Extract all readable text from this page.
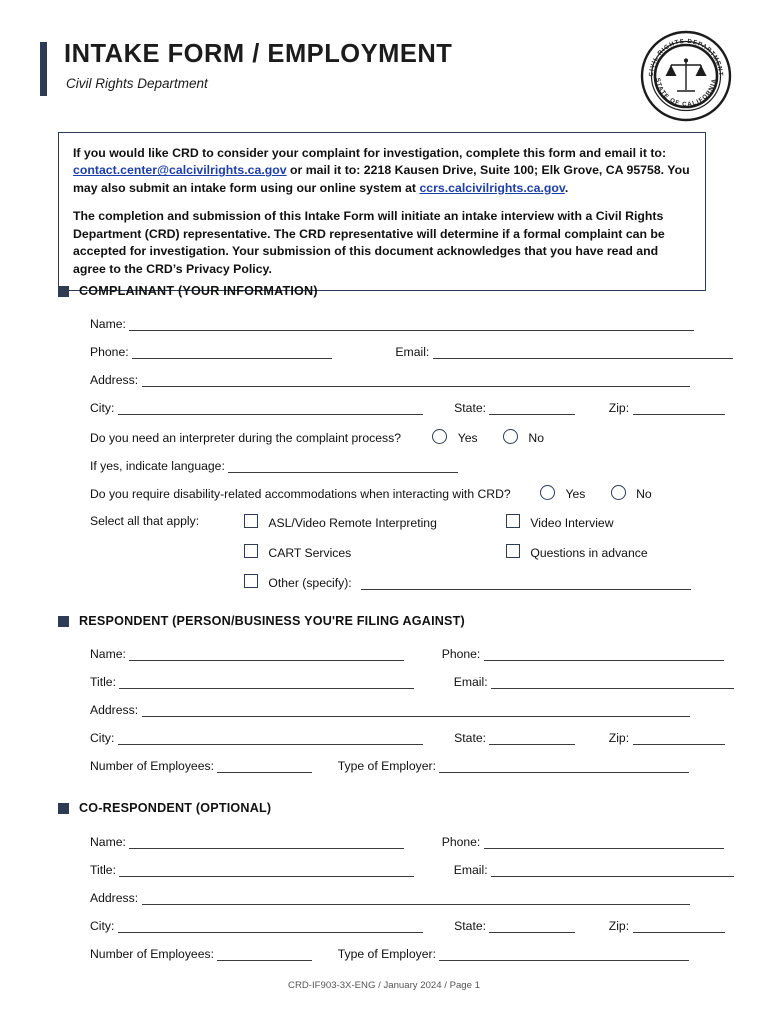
INTAKE FORM / EMPLOYMENT
Civil Rights Department
CIVIL RIGHTS DEPARTMENT
STATE OF CALIFORNIA

If you would like CRD to consider your complaint for investigation, complete this form and email it to: contact.center@calcivilrights.ca.gov or mail it to: 2218 Kausen Drive, Suite 100; Elk Grove, CA 95758. You may also submit an intake form using our online system at ccrs.calcivilrights.ca.gov.

The completion and submission of this Intake Form will initiate an intake interview with a Civil Rights Department (CRD) representative. The CRD representative will determine if a formal complaint can be accepted for investigation. Your submission of this document acknowledges that you have read and agree to the CRD’s Privacy Policy.

COMPLAINANT (YOUR INFORMATION)
Name:
Phone:	Email:
Address:
City:	State:	Zip:
Do you need an interpreter during the complaint process?	Yes	No
If yes, indicate language:
Do you require disability-related accommodations when interacting with CRD?	Yes	No
Select all that apply:	ASL/Video Remote Interpreting	Video Interview
CART Services	Questions in advance
Other (specify):
RESPONDENT (PERSON/BUSINESS YOU'RE FILING AGAINST)
Name:	Phone:
Title:	Email:
Address:
City:	State:	Zip:
Number of Employees:	Type of Employer:
CO-RESPONDENT (OPTIONAL)
Name:	Phone:
Title:	Email:
Address:
City:	State:	Zip:
Number of Employees:	Type of Employer:
CRD-IF903-3X-ENG / January 2024 / Page 1
